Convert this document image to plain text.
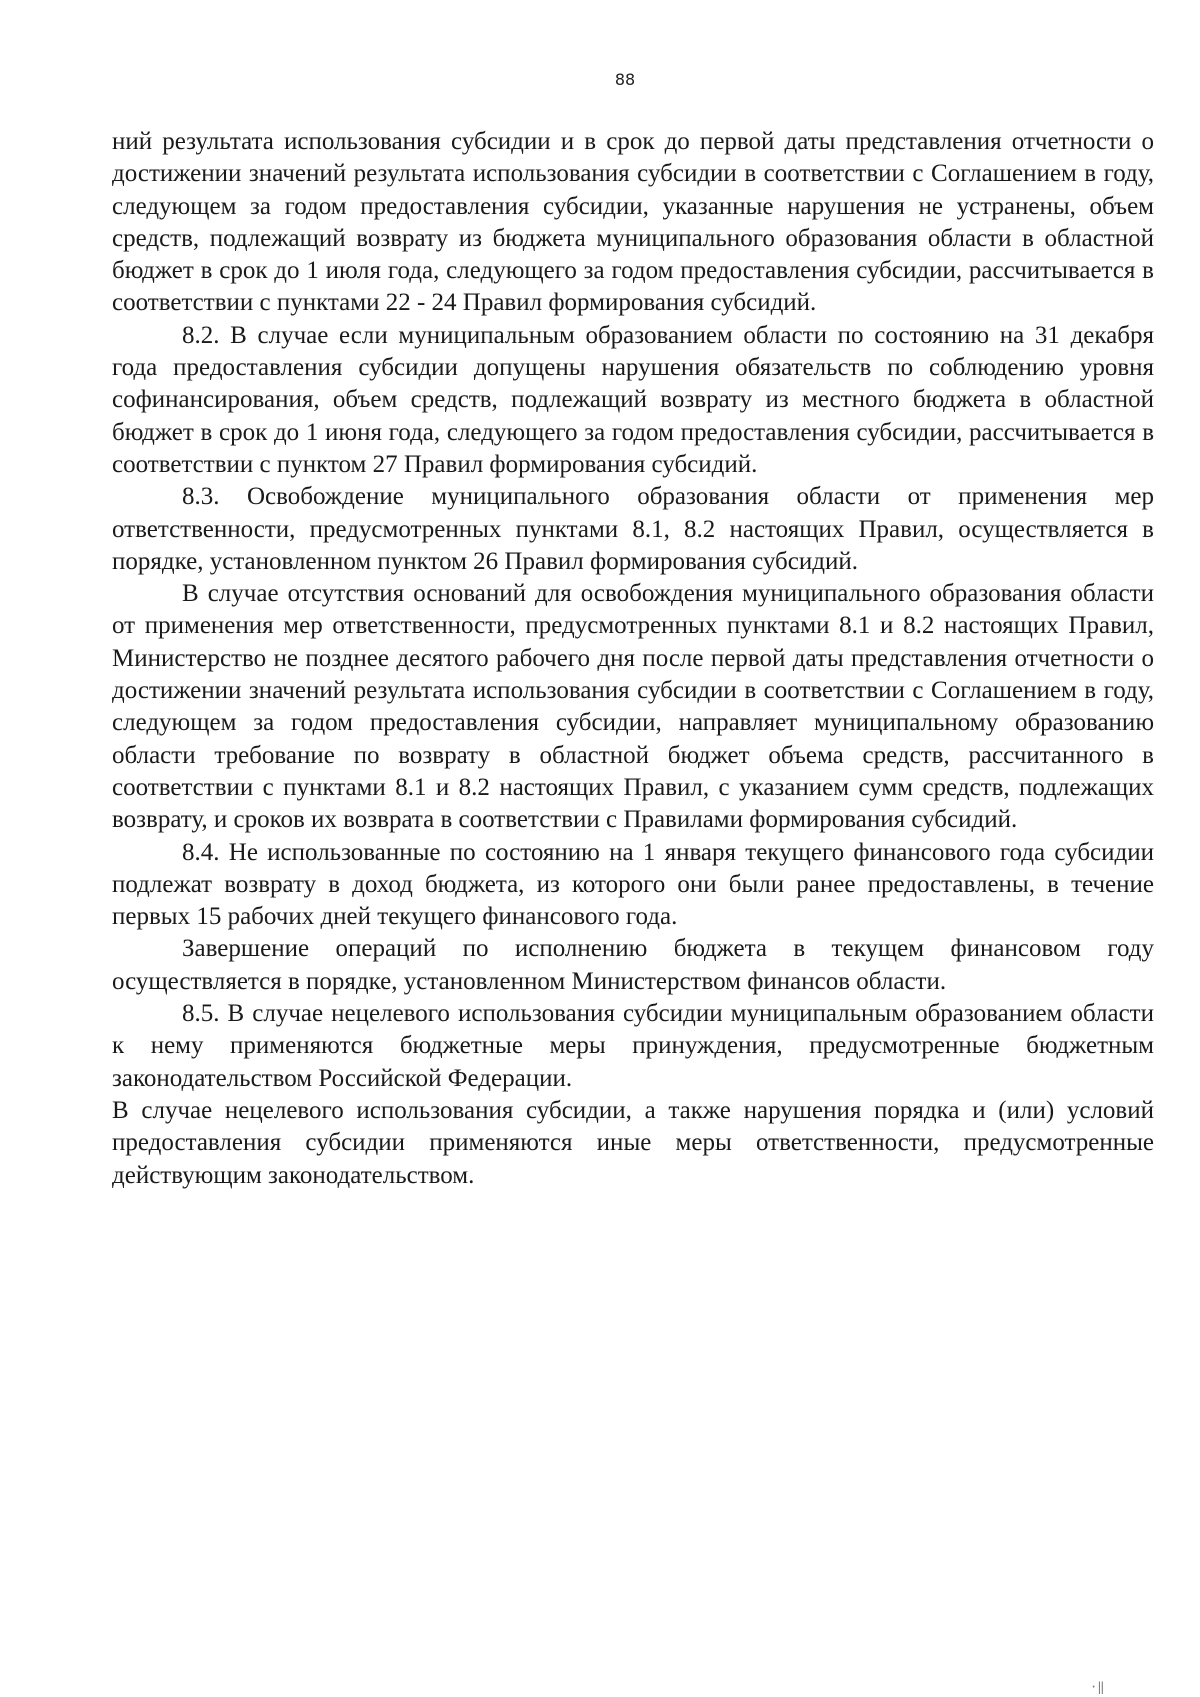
88

ний результата использования субсидии и в срок до первой даты представления отчетности о достижении значений результата использования субсидии в соответствии с Соглашением в году, следующем за годом предоставления субсидии, указанные нарушения не устранены, объем средств, подлежащий возврату из бюджета муниципального образования области в областной бюджет в срок до 1 июля года, следующего за годом предоставления субсидии, рассчитывается в соответствии с пунктами 22 - 24 Правил формирования субсидий.

8.2. В случае если муниципальным образованием области по состоянию на 31 декабря года предоставления субсидии допущены нарушения обязательств по соблюдению уровня софинансирования, объем средств, подлежащий возврату из местного бюджета в областной бюджет в срок до 1 июня года, следующего за годом предоставления субсидии, рассчитывается в соответствии с пунктом 27 Правил формирования субсидий.

8.3. Освобождение муниципального образования области от применения мер ответственности, предусмотренных пунктами 8.1, 8.2 настоящих Правил, осуществляется в порядке, установленном пунктом 26 Правил формирования субсидий.

В случае отсутствия оснований для освобождения муниципального образования области от применения мер ответственности, предусмотренных пунктами 8.1 и 8.2 настоящих Правил, Министерство не позднее десятого рабочего дня после первой даты представления отчетности о достижении значений результата использования субсидии в соответствии с Соглашением в году, следующем за годом предоставления субсидии, направляет муниципальному образованию области требование по возврату в областной бюджет объема средств, рассчитанного в соответствии с пунктами 8.1 и 8.2 настоящих Правил, с указанием сумм средств, подлежащих возврату, и сроков их возврата в соответствии с Правилами формирования субсидий.

8.4. Не использованные по состоянию на 1 января текущего финансового года субсидии подлежат возврату в доход бюджета, из которого они были ранее предоставлены, в течение первых 15 рабочих дней текущего финансового года.

Завершение операций по исполнению бюджета в текущем финансовом году осуществляется в порядке, установленном Министерством финансов области.

8.5. В случае нецелевого использования субсидии муниципальным образованием области к нему применяются бюджетные меры принуждения, предусмотренные бюджетным законодательством Российской Федерации.

В случае нецелевого использования субсидии, а также нарушения порядка и (или) условий предоставления субсидии применяются иные меры ответственности, предусмотренные действующим законодательством.

·‖
